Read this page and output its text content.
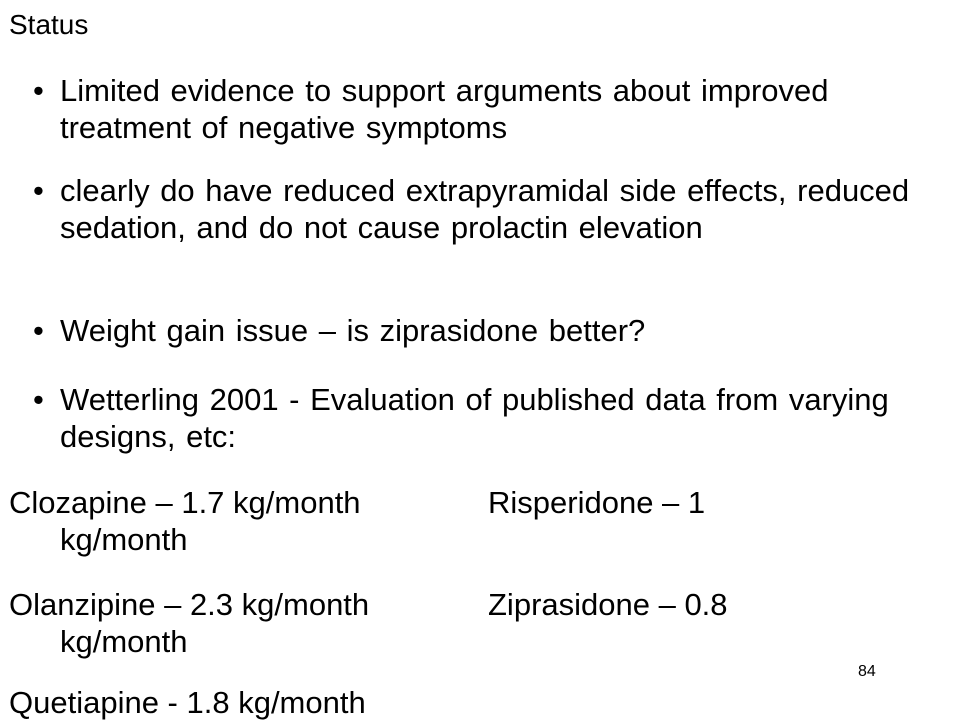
Status
• Limited evidence to support arguments about improved treatment of negative symptoms
• clearly do have reduced extrapyramidal side effects, reduced sedation, and do not cause prolactin elevation
• Weight gain issue – is ziprasidone better?
• Wetterling 2001 - Evaluation of published data from varying designs, etc:
Clozapine – 1.7 kg/month	Risperidone – 1
kg/month
Olanzipine – 2.3 kg/month	Ziprasidone – 0.8
kg/month
Quetiapine - 1.8 kg/month
84
